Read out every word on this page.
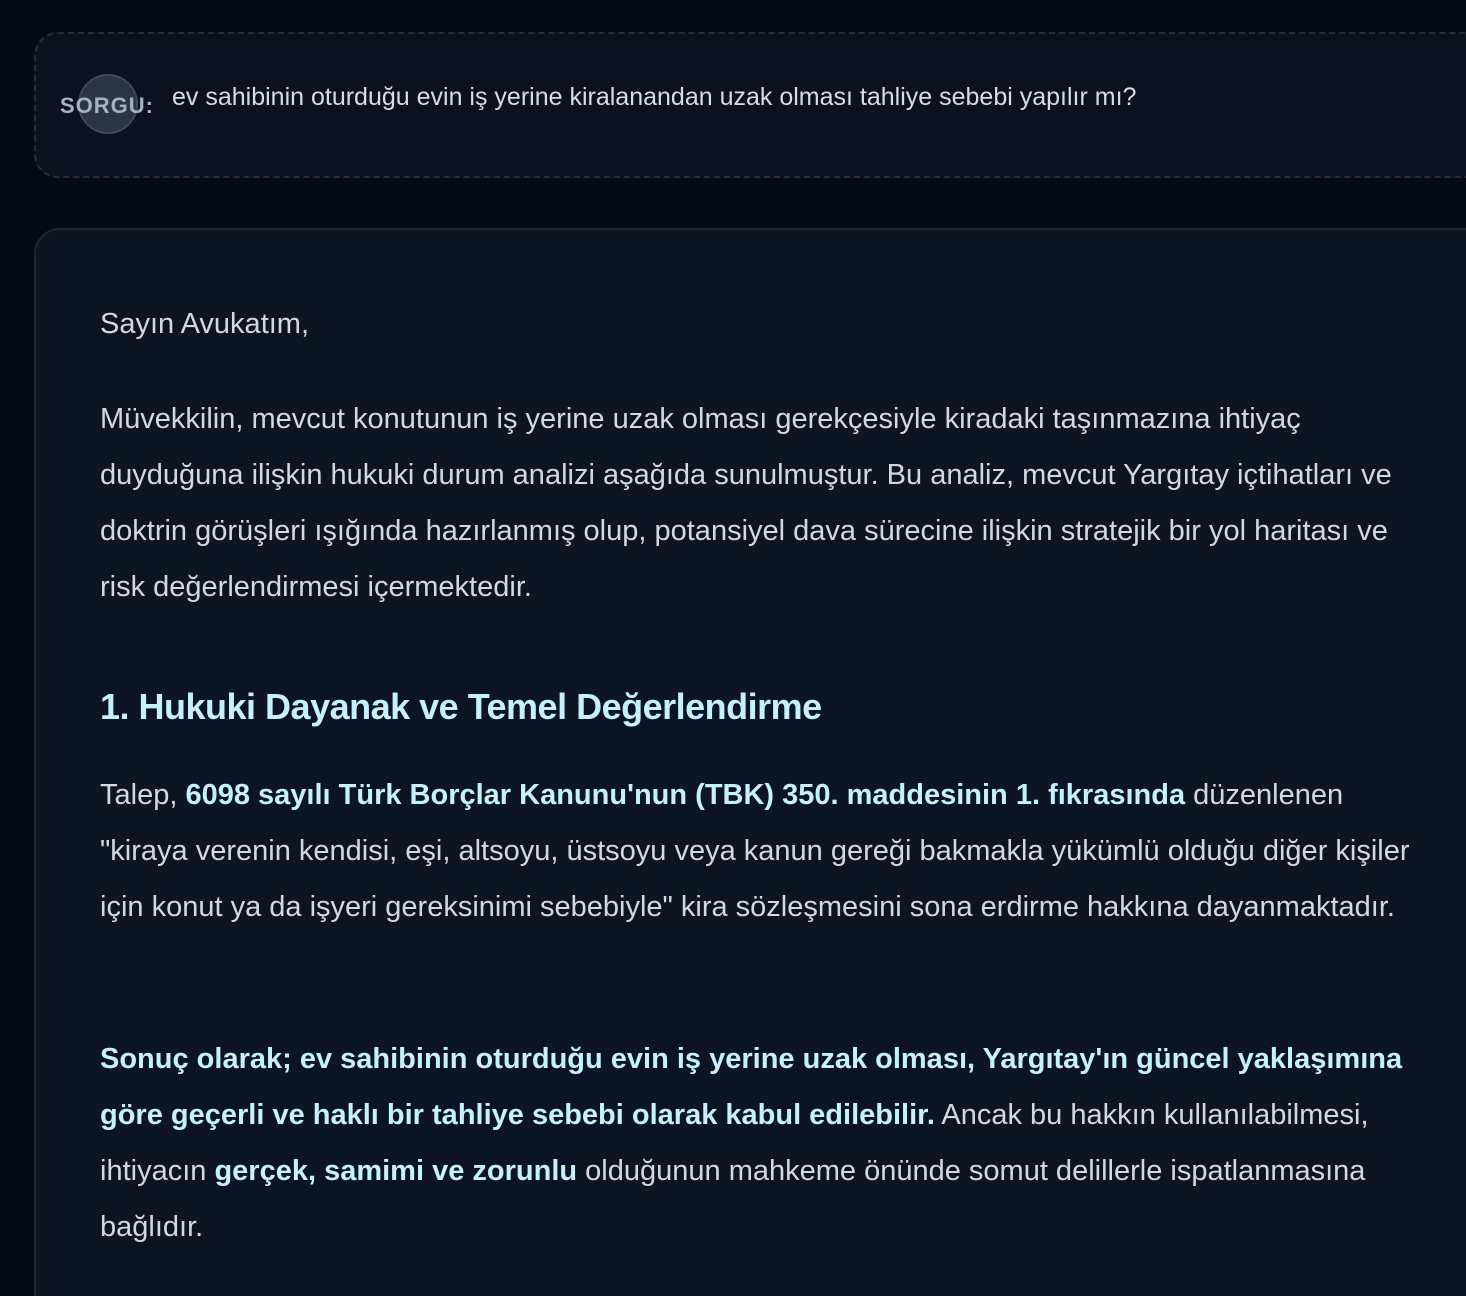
SORGU: ev sahibinin oturduğu evin iş yerine kiralanandan uzak olması tahliye sebebi yapılır mı?

Sayın Avukatım,

Müvekkilin, mevcut konutunun iş yerine uzak olması gerekçesiyle kiradaki taşınmazına ihtiyaç duyduğuna ilişkin hukuki durum analizi aşağıda sunulmuştur. Bu analiz, mevcut Yargıtay içtihatları ve doktrin görüşleri ışığında hazırlanmış olup, potansiyel dava sürecine ilişkin stratejik bir yol haritası ve risk değerlendirmesi içermektedir.

1. Hukuki Dayanak ve Temel Değerlendirme

Talep, 6098 sayılı Türk Borçlar Kanunu'nun (TBK) 350. maddesinin 1. fıkrasında düzenlenen "kiraya verenin kendisi, eşi, altsoyu, üstsoyu veya kanun gereği bakmakla yükümlü olduğu diğer kişiler için konut ya da işyeri gereksinimi sebebiyle" kira sözleşmesini sona erdirme hakkına dayanmaktadır.

Sonuç olarak; ev sahibinin oturduğu evin iş yerine uzak olması, Yargıtay'ın güncel yaklaşımına göre geçerli ve haklı bir tahliye sebebi olarak kabul edilebilir. Ancak bu hakkın kullanılabilmesi, ihtiyacın gerçek, samimi ve zorunlu olduğunun mahkeme önünde somut delillerle ispatlanmasına bağlıdır.
